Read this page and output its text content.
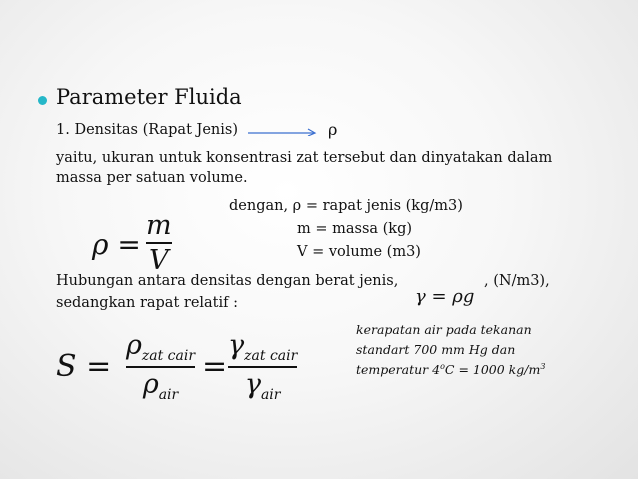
Parameter Fluida
1. Densitas (Rapat Jenis)	ρ
yaitu, ukuran untuk konsentrasi zat tersebut dan dinyatakan dalam
massa per satuan volume.
dengan, ρ = rapat jenis (kg/m3)
m = massa (kg)
V = volume (m3)
ρ =
m
V
Hubungan antara densitas dengan berat jenis,
γ = ρg
, (N/m3),
sedangkan rapat relatif :
S =
$\rho_{zat cair}$
$\rho_{air}$
=
$\gamma_{zat cair}$
$\gamma_{air}$
kerapatan air pada tekanan
standart 700 mm Hg dan
temperatur $4^oC = 1000$ $kg/m^3$
